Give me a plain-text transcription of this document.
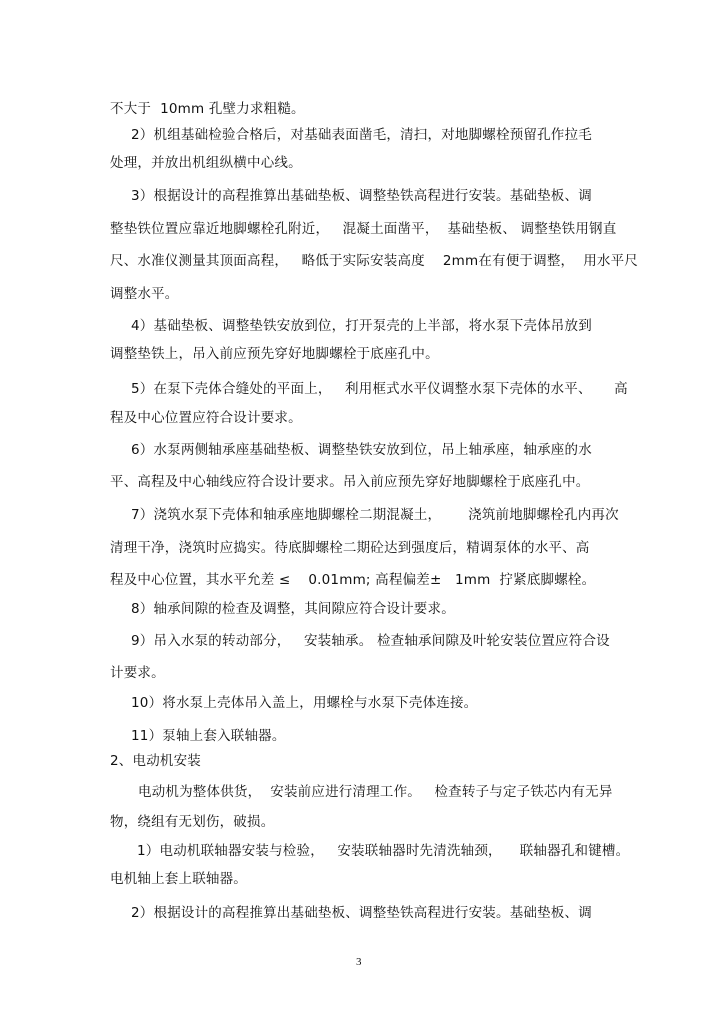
不大于  10mm 孔壁力求粗糙。
2）机组基础检验合格后，对基础表面凿毛，清扫，对地脚螺栓预留孔作拉毛
处理，并放出机组纵横中心线。
3）根据设计的高程推算出基础垫板、调整垫铁高程进行安装。基础垫板、调
整垫铁位置应靠近地脚螺栓孔附近，   混凝土面凿平，  基础垫板、 调整垫铁用钢直
尺、水准仪测量其顶面高程，   略低于实际安装高度    2mm在有便于调整，  用水平尺
调整水平。
4）基础垫板、调整垫铁安放到位，打开泵壳的上半部，将水泵下壳体吊放到
调整垫铁上，吊入前应预先穿好地脚螺栓于底座孔中。
5）在泵下壳体合缝处的平面上，   利用框式水平仪调整水泵下壳体的水平、     高
程及中心位置应符合设计要求。
6）水泵两侧轴承座基础垫板、调整垫铁安放到位，吊上轴承座，轴承座的水
平、高程及中心轴线应符合设计要求。吊入前应预先穿好地脚螺栓于底座孔中。
7）浇筑水泵下壳体和轴承座地脚螺栓二期混凝土，      浇筑前地脚螺栓孔内再次
清理干净，浇筑时应捣实。待底脚螺栓二期砼达到强度后，精调泵体的水平、高
程及中心位置，其水平允差 ≤    0.01mm; 高程偏差±   1mm  拧紧底脚螺栓。
8）轴承间隙的检查及调整，其间隙应符合设计要求。
9）吊入水泵的转动部分，   安装轴承。 检查轴承间隙及叶轮安装位置应符合设
计要求。
10）将水泵上壳体吊入盖上，用螺栓与水泵下壳体连接。
11）泵轴上套入联轴器。
2、电动机安装
电动机为整体供货，  安装前应进行清理工作。   检查转子与定子铁芯内有无异
物，绕组有无划伤，破损。
1）电动机联轴器安装与检验，   安装联轴器时先清洗轴颈，    联轴器孔和键槽。
电机轴上套上联轴器。
2）根据设计的高程推算出基础垫板、调整垫铁高程进行安装。基础垫板、调
3
